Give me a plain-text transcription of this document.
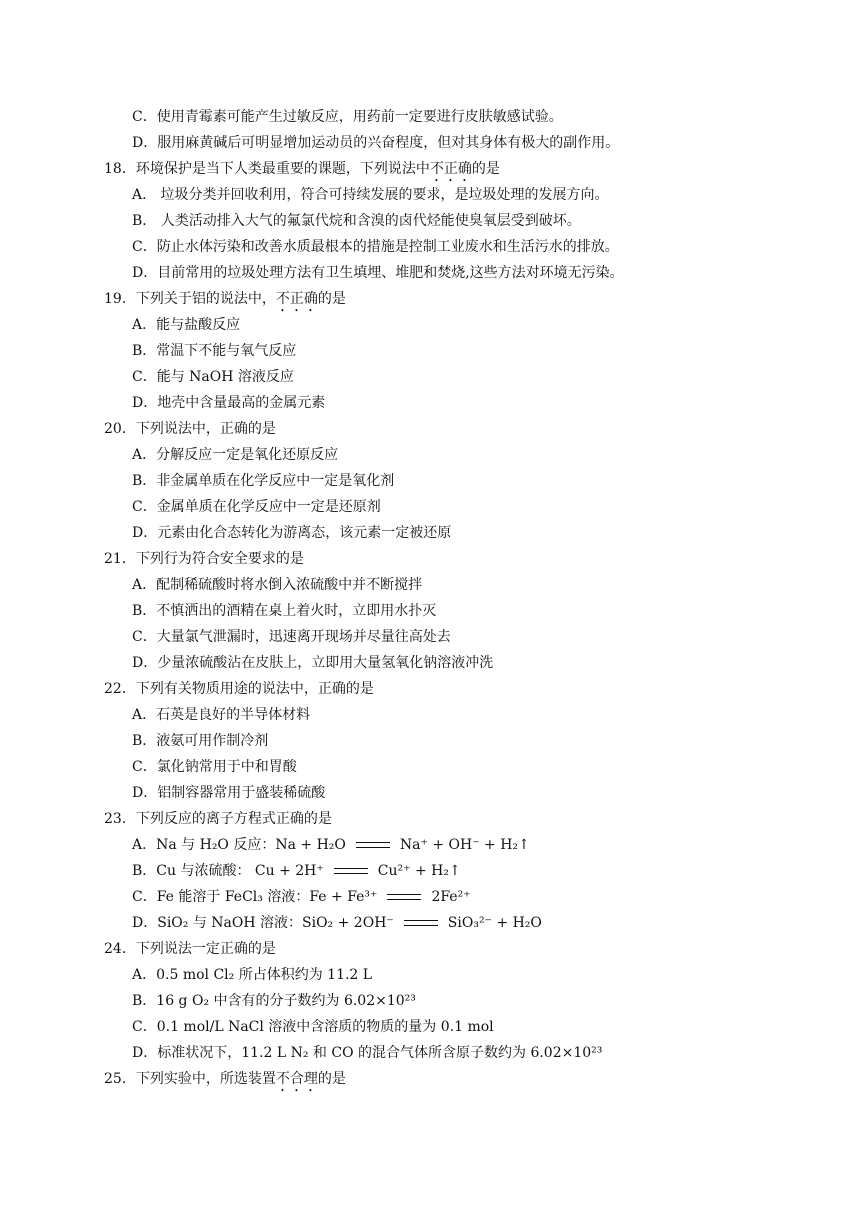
C．使用青霉素可能产生过敏反应，用药前一定要进行皮肤敏感试验。
D．服用麻黄碱后可明显增加运动员的兴奋程度，但对其身体有极大的副作用。
18．环境保护是当下人类最重要的课题，下列说法中不正确的是
A． 垃圾分类并回收利用，符合可持续发展的要求，是垃圾处理的发展方向。
B． 人类活动排入大气的氟氯代烷和含溴的卤代烃能使臭氧层受到破坏。
C．防止水体污染和改善水质最根本的措施是控制工业废水和生活污水的排放。
D．目前常用的垃圾处理方法有卫生填埋、堆肥和焚烧,这些方法对环境无污染。
19．下列关于铝的说法中，不正确的是
A．能与盐酸反应
B．常温下不能与氧气反应
C．能与 NaOH 溶液反应
D．地壳中含量最高的金属元素
20．下列说法中，正确的是
A．分解反应一定是氧化还原反应
B．非金属单质在化学反应中一定是氧化剂
C．金属单质在化学反应中一定是还原剂
D．元素由化合态转化为游离态，该元素一定被还原
21．下列行为符合安全要求的是
A．配制稀硫酸时将水倒入浓硫酸中并不断搅拌
B．不慎洒出的酒精在桌上着火时，立即用水扑灭
C．大量氯气泄漏时，迅速离开现场并尽量往高处去
D．少量浓硫酸沾在皮肤上，立即用大量氢氧化钠溶液冲洗
22．下列有关物质用途的说法中，正确的是
A．石英是良好的半导体材料
B．液氨可用作制冷剂
C．氯化钠常用于中和胃酸
D．铝制容器常用于盛装稀硫酸
23．下列反应的离子方程式正确的是
A．Na 与 H₂O 反应：Na + H₂O	Na⁺ + OH⁻ + H₂↑
B．Cu 与浓硫酸： Cu + 2H⁺	Cu²⁺ + H₂↑
C．Fe 能溶于 FeCl₃ 溶液：Fe + Fe³⁺	2Fe²⁺
D．SiO₂ 与 NaOH 溶液：SiO₂ + 2OH⁻	SiO₃²⁻ + H₂O
24．下列说法一定正确的是
A．0.5 mol Cl₂ 所占体积约为 11.2 L
B．16 g O₂ 中含有的分子数约为 6.02×10²³
C．0.1 mol/L NaCl 溶液中含溶质的物质的量为 0.1 mol
D．标准状况下，11.2 L N₂ 和 CO 的混合气体所含原子数约为 6.02×10²³
25．下列实验中，所选装置不合理的是
